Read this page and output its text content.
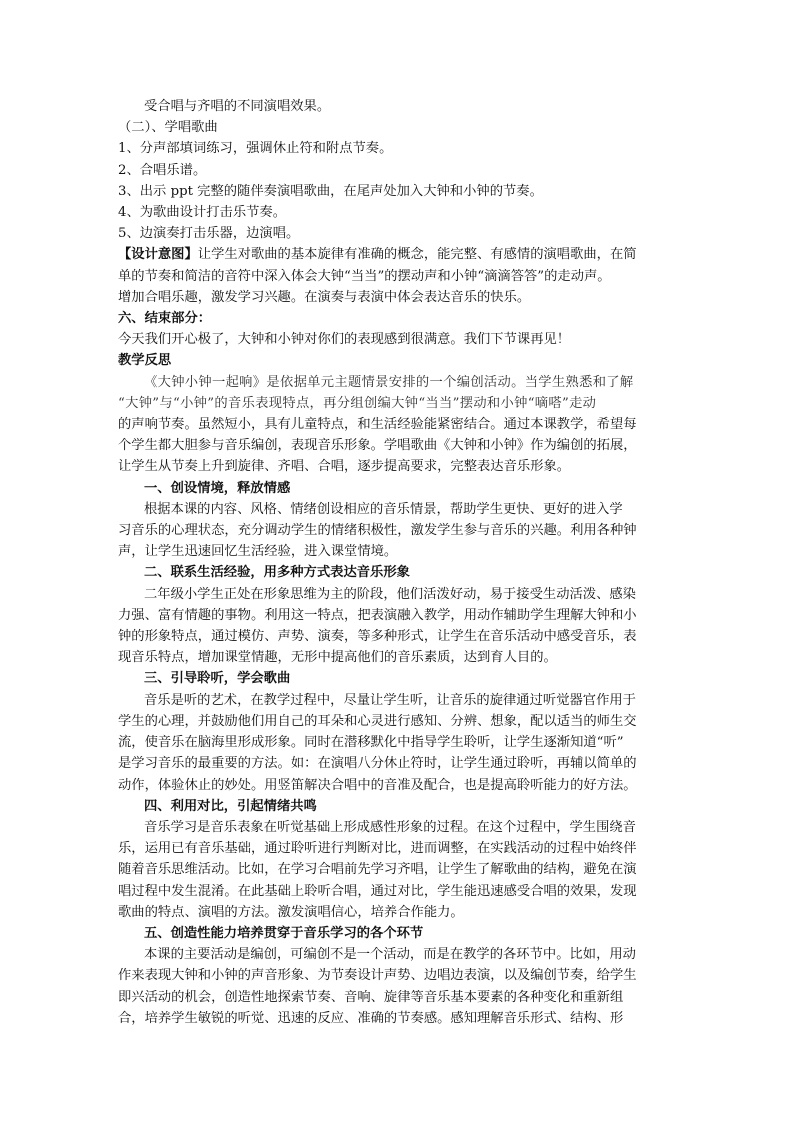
受合唱与齐唱的不同演唱效果。

（二）、学唱歌曲

1、分声部填词练习，强调休止符和附点节奏。

2、合唱乐谱。

3、出示 ppt 完整的随伴奏演唱歌曲，在尾声处加入大钟和小钟的节奏。

4、为歌曲设计打击乐节奏。

5、边演奏打击乐器，边演唱。

【设计意图】让学生对歌曲的基本旋律有准确的概念，能完整、有感情的演唱歌曲，在简

单的节奏和简洁的音符中深入体会大钟“当当”的摆动声和小钟“滴滴答答”的走动声。

增加合唱乐趣，激发学习兴趣。在演奏与表演中体会表达音乐的快乐。

六、结束部分：

今天我们开心极了，大钟和小钟对你们的表现感到很满意。我们下节课再见！

教学反思

《大钟小钟一起响》是依据单元主题情景安排的一个编创活动。当学生熟悉和了解

“大钟”与“小钟”的音乐表现特点，再分组创编大钟“当当”摆动和小钟“嘀嗒”走动

的声响节奏。虽然短小，具有儿童特点，和生活经验能紧密结合。通过本课教学，希望每

个学生都大胆参与音乐编创，表现音乐形象。学唱歌曲《大钟和小钟》作为编创的拓展，

让学生从节奏上升到旋律、齐唱、合唱，逐步提高要求，完整表达音乐形象。

一、创设情境，释放情感

根据本课的内容、风格、情绪创设相应的音乐情景，帮助学生更快、更好的进入学

习音乐的心理状态，充分调动学生的情绪积极性，激发学生参与音乐的兴趣。利用各种钟

声，让学生迅速回忆生活经验，进入课堂情境。

二、联系生活经验，用多种方式表达音乐形象

二年级小学生正处在形象思维为主的阶段，他们活泼好动，易于接受生动活泼、感染

力强、富有情趣的事物。利用这一特点，把表演融入教学，用动作辅助学生理解大钟和小

钟的形象特点，通过模仿、声势、演奏，等多种形式，让学生在音乐活动中感受音乐，表

现音乐特点，增加课堂情趣，无形中提高他们的音乐素质，达到育人目的。

三、引导聆听，学会歌曲

音乐是听的艺术，在教学过程中，尽量让学生听，让音乐的旋律通过听觉器官作用于

学生的心理，并鼓励他们用自己的耳朵和心灵进行感知、分辨、想象，配以适当的师生交

流，使音乐在脑海里形成形象。同时在潜移默化中指导学生聆听，让学生逐渐知道“听”

是学习音乐的最重要的方法。如：在演唱八分休止符时，让学生通过聆听，再辅以简单的

动作，体验休止的妙处。用竖笛解决合唱中的音准及配合，也是提高聆听能力的好方法。

四、利用对比，引起情绪共鸣

音乐学习是音乐表象在听觉基础上形成感性形象的过程。在这个过程中，学生围绕音

乐，运用已有音乐基础，通过聆听进行判断对比，进而调整，在实践活动的过程中始终伴

随着音乐思维活动。比如，在学习合唱前先学习齐唱，让学生了解歌曲的结构，避免在演

唱过程中发生混淆。在此基础上聆听合唱，通过对比，学生能迅速感受合唱的效果，发现

歌曲的特点、演唱的方法。激发演唱信心，培养合作能力。

五、创造性能力培养贯穿于音乐学习的各个环节

本课的主要活动是编创，可编创不是一个活动，而是在教学的各环节中。比如，用动

作来表现大钟和小钟的声音形象、为节奏设计声势、边唱边表演，以及编创节奏，给学生

即兴活动的机会，创造性地探索节奏、音响、旋律等音乐基本要素的各种变化和重新组

合，培养学生敏锐的听觉、迅速的反应、准确的节奏感。感知理解音乐形式、结构、形
